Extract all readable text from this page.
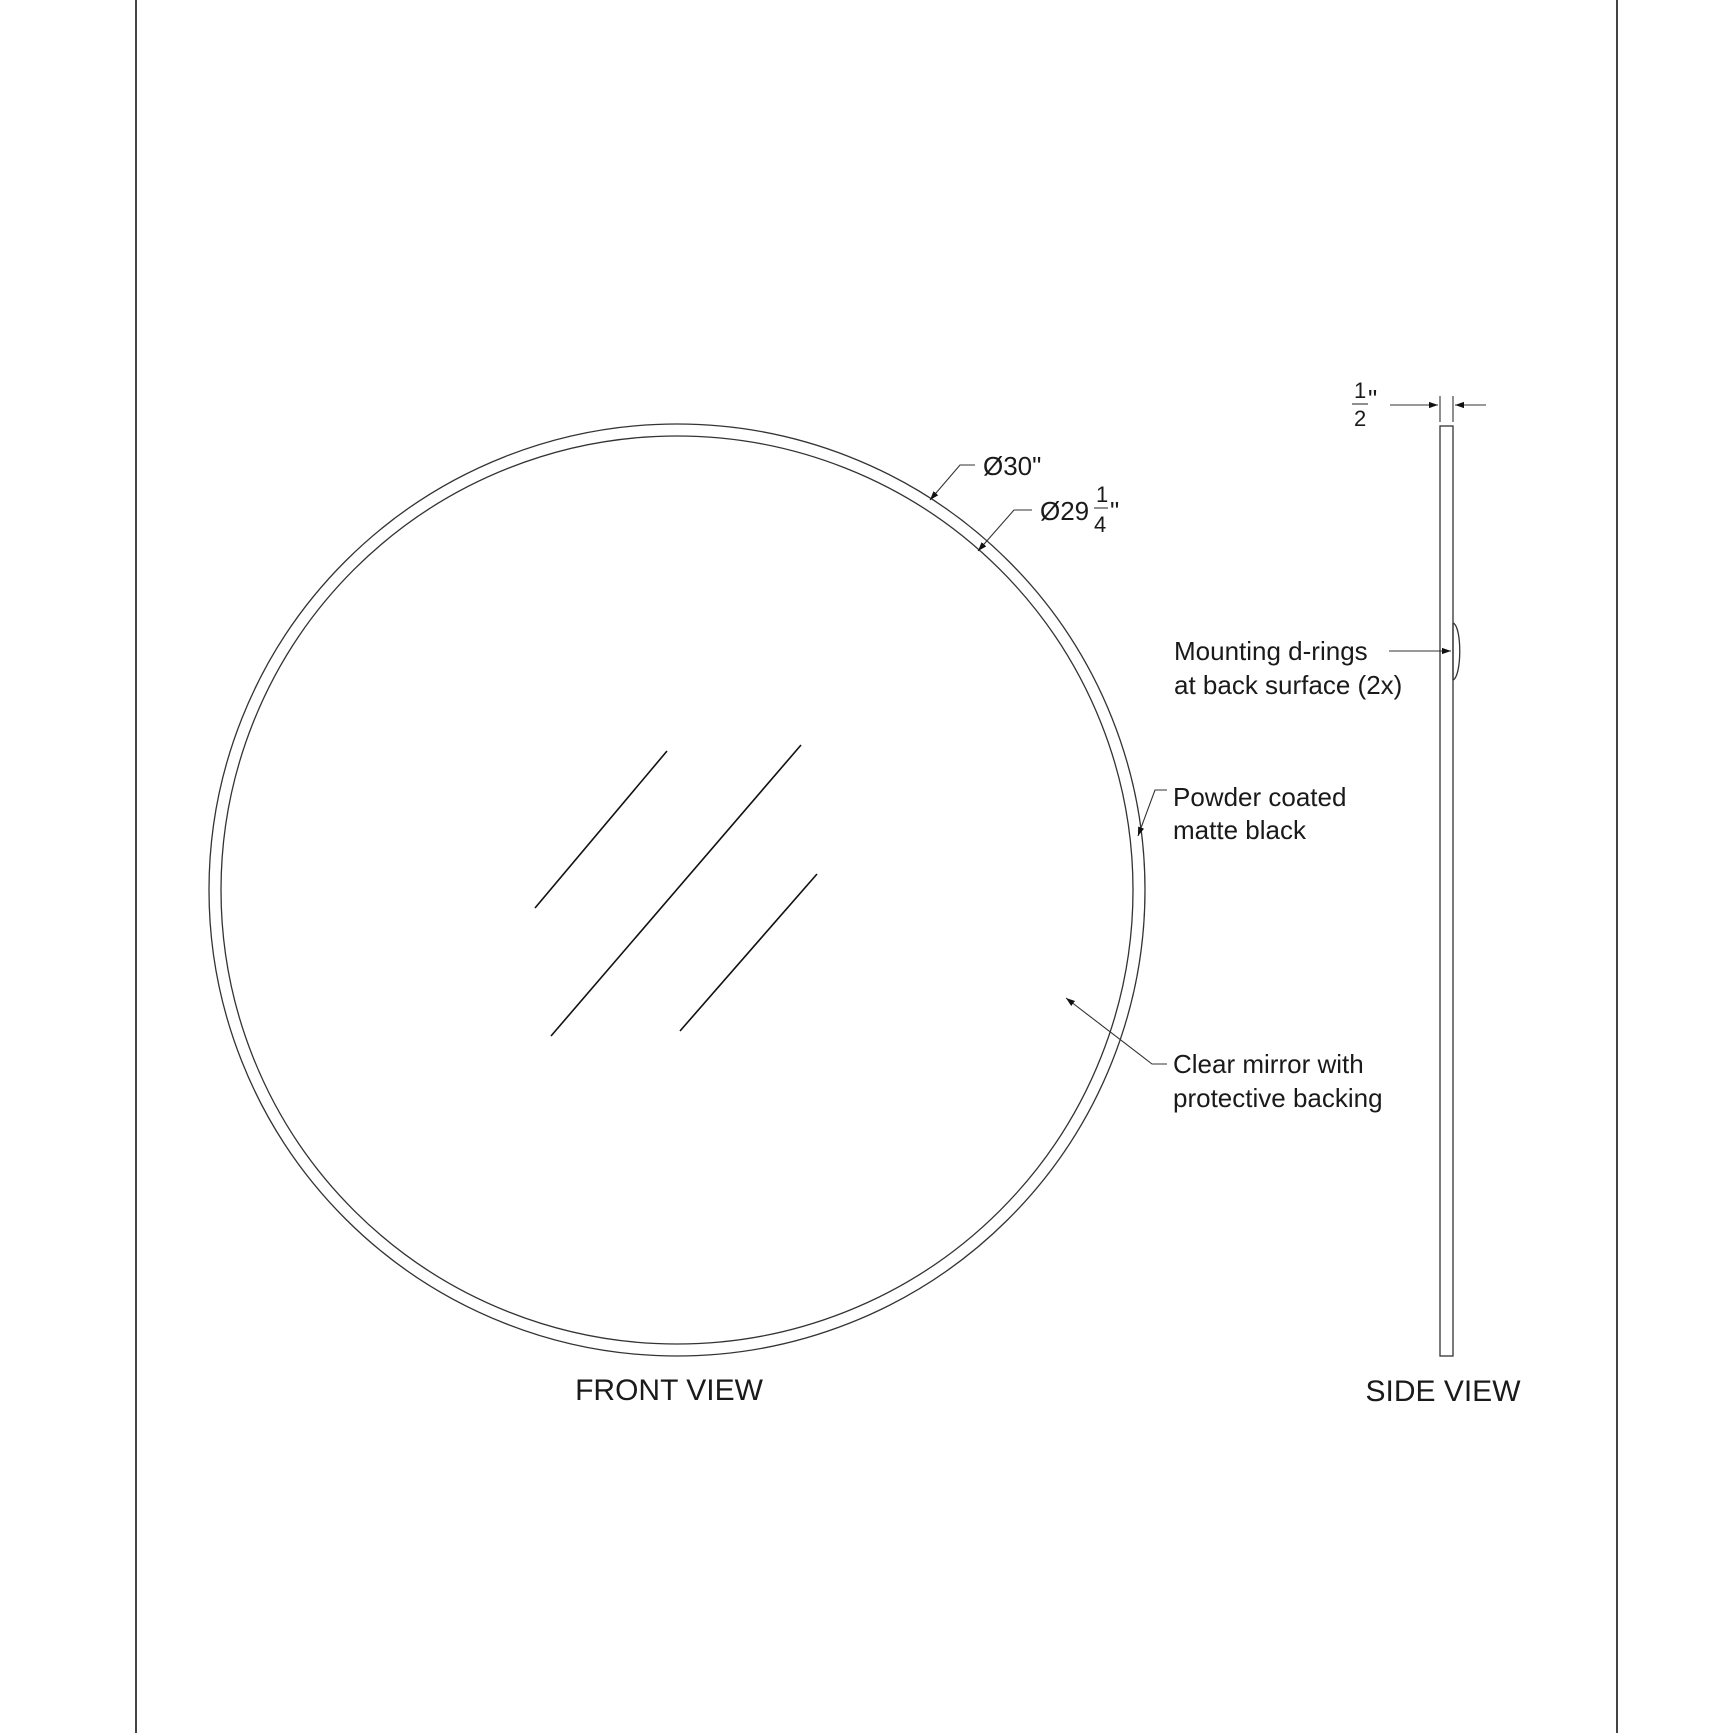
Ø30"
Ø29
1
4 "
Powder coated
matte black
Clear mirror with
protective backing
FRONT VIEW
1
2
"
Mounting d-rings
at back surface (2x)
SIDE VIEW
